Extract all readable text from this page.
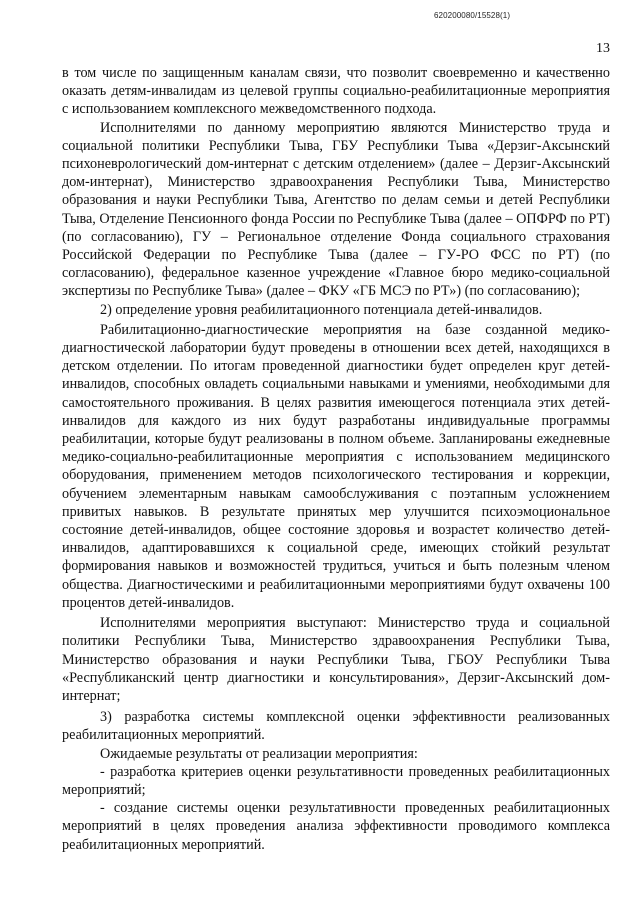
620200080/15528(1)
13

в том числе по защищенным каналам связи, что позволит своевременно и качественно оказать детям-инвалидам из целевой группы социально-реабилитационные мероприятия с использованием комплексного межведомственного подхода.

Исполнителями по данному мероприятию являются Министерство труда и социальной политики Республики Тыва, ГБУ Республики Тыва «Дерзиг-Аксынский психоневрологический дом-интернат с детским отделением» (далее – Дерзиг-Аксынский дом-интернат), Министерство здравоохранения Республики Тыва, Министерство образования и науки Республики Тыва, Агентство по делам семьи и детей Республики Тыва, Отделение Пенсионного фонда России по Республике Тыва (далее – ОПФРФ по РТ) (по согласованию), ГУ – Региональное отделение Фонда социального страхования Российской Федерации по Республике Тыва (далее – ГУ-РО ФСС по РТ) (по согласованию), федеральное казенное учреждение «Главное бюро медико-социальной экспертизы по Республике Тыва» (далее – ФКУ «ГБ МСЭ по РТ») (по согласованию);

2) определение уровня реабилитационного потенциала детей-инвалидов.

Рабилитационно-диагностические мероприятия на базе созданной медико-диагностической лаборатории будут проведены в отношении всех детей, находящихся в детском отделении. По итогам проведенной диагностики будет определен круг детей-инвалидов, способных овладеть социальными навыками и умениями, необходимыми для самостоятельного проживания. В целях развития имеющегося потенциала этих детей-инвалидов для каждого из них будут разработаны индивидуальные программы реабилитации, которые будут реализованы в полном объеме. Запланированы ежедневные медико-социально-реабилитационные мероприятия с использованием медицинского оборудования, применением методов психологического тестирования и коррекции, обучением элементарным навыкам самообслуживания с поэтапным усложнением привитых навыков. В результате принятых мер улучшится психоэмоциональное состояние детей-инвалидов, общее состояние здоровья и возрастет количество детей-инвалидов, адаптировавшихся к социальной среде, имеющих стойкий результат формирования навыков и возможностей трудиться, учиться и быть полезным членом общества. Диагностическими и реабилитационными мероприятиями будут охвачены 100 процентов детей-инвалидов.

Исполнителями мероприятия выступают: Министерство труда и социальной политики Республики Тыва, Министерство здравоохранения Республики Тыва, Министерство образования и науки Республики Тыва, ГБОУ Республики Тыва «Республиканский центр диагностики и консультирования», Дерзиг-Аксынский дом-интернат;

3) разработка системы комплексной оценки эффективности реализованных реабилитационных мероприятий.

Ожидаемые результаты от реализации мероприятия:

- разработка критериев оценки результативности проведенных реабилитационных мероприятий;

- создание системы оценки результативности проведенных реабилитационных мероприятий в целях проведения анализа эффективности проводимого комплекса реабилитационных мероприятий.
